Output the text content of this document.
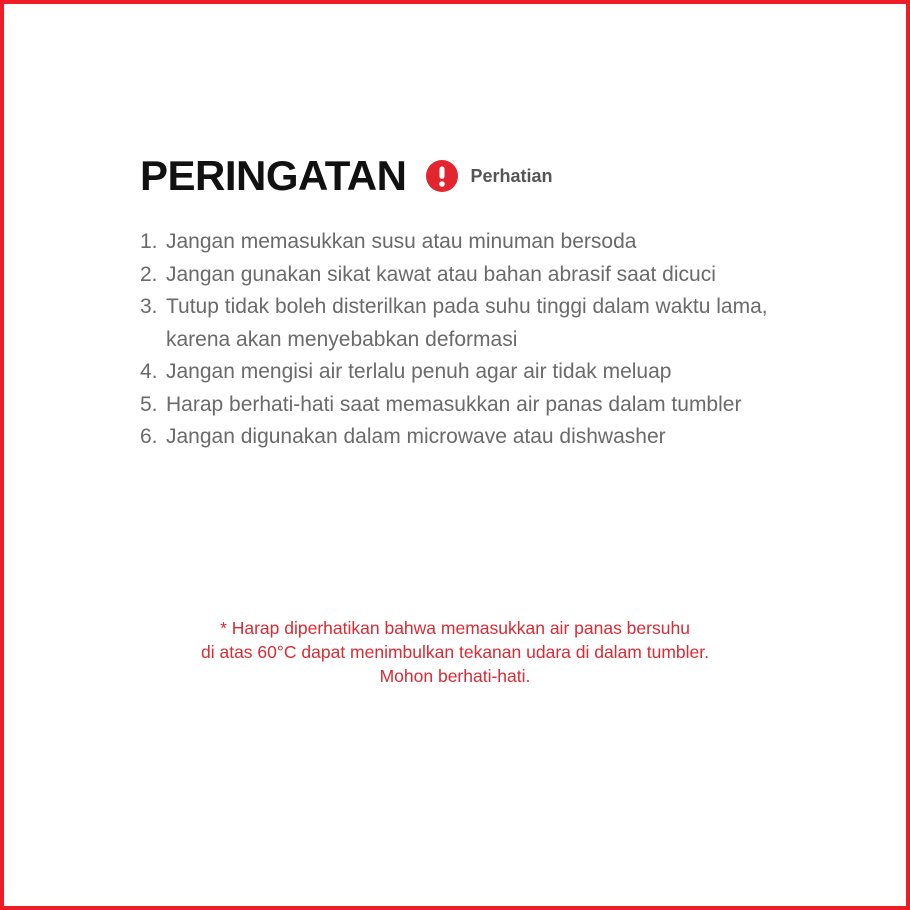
PERINGATAN	Perhatian
1. Jangan memasukkan susu atau minuman bersoda
2. Jangan gunakan sikat kawat atau bahan abrasif saat dicuci
3. Tutup tidak boleh disterilkan pada suhu tinggi dalam waktu lama, karena akan menyebabkan deformasi
4. Jangan mengisi air terlalu penuh agar air tidak meluap
5. Harap berhati-hati saat memasukkan air panas dalam tumbler
6. Jangan digunakan dalam microwave atau dishwasher
* Harap diperhatikan bahwa memasukkan air panas bersuhu
di atas 60°C dapat menimbulkan tekanan udara di dalam tumbler.
Mohon berhati-hati.
